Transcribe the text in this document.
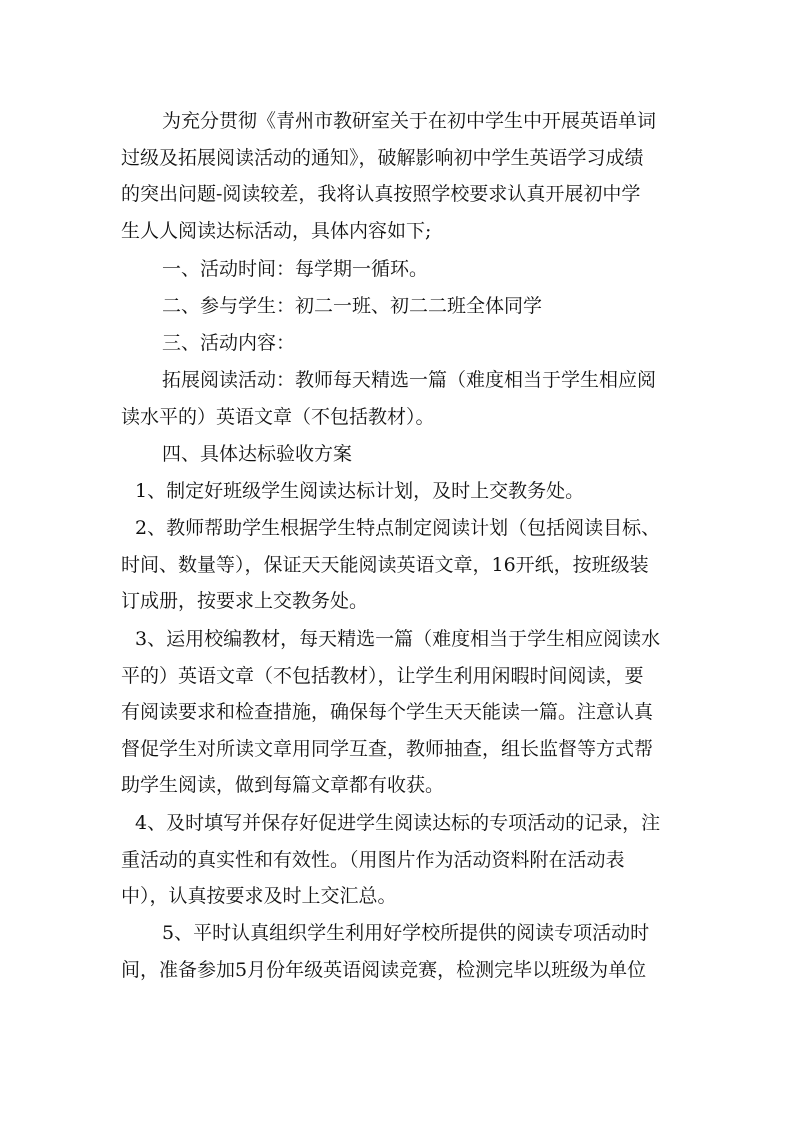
为充分贯彻《青州市教研室关于在初中学生中开展英语单词
过级及拓展阅读活动的通知》，破解影响初中学生英语学习成绩
的突出问题-阅读较差，我将认真按照学校要求认真开展初中学
生人人阅读达标活动，具体内容如下;

一、活动时间：每学期一循环。

二、参与学生：初二一班、初二二班全体同学

三、活动内容：

拓展阅读活动：教师每天精选一篇（难度相当于学生相应阅
读水平的）英语文章（不包括教材）。

四、具体达标验收方案

1、制定好班级学生阅读达标计划，及时上交教务处。

2、教师帮助学生根据学生特点制定阅读计划（包括阅读目标、
时间、数量等），保证天天能阅读英语文章，16开纸，按班级装
订成册，按要求上交教务处。

3、运用校编教材，每天精选一篇（难度相当于学生相应阅读水
平的）英语文章（不包括教材），让学生利用闲暇时间阅读，要
有阅读要求和检查措施，确保每个学生天天能读一篇。注意认真
督促学生对所读文章用同学互查，教师抽查，组长监督等方式帮
助学生阅读，做到每篇文章都有收获。

4、及时填写并保存好促进学生阅读达标的专项活动的记录，注
重活动的真实性和有效性。（用图片作为活动资料附在活动表
中），认真按要求及时上交汇总。

5、平时认真组织学生利用好学校所提供的阅读专项活动时
间，准备参加5月份年级英语阅读竞赛，检测完毕以班级为单位
